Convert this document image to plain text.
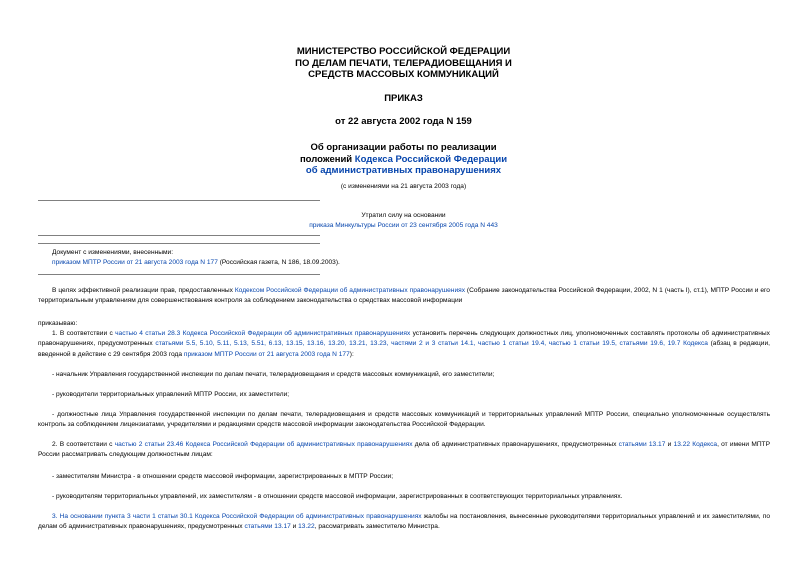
МИНИСТЕРСТВО РОССИЙСКОЙ ФЕДЕРАЦИИ
ПО ДЕЛАМ ПЕЧАТИ, ТЕЛЕРАДИОВЕЩАНИЯ И
СРЕДСТВ МАССОВЫХ КОММУНИКАЦИЙ
ПРИКАЗ
от 22 августа 2002 года N 159
Об организации работы по реализации
положений Кодекса Российской Федерации
об административных правонарушениях
(с изменениями на 21 августа 2003 года)
Утратил силу на основании
приказа Минкультуры России от 23 сентября 2005 года N 443
Документ с изменениями, внесенными:
приказом МПТР России от 21 августа 2003 года N 177 (Российская газета, N 186, 18.09.2003).
В целях эффективной реализации прав, предоставленных Кодексом Российской Федерации об административных правонарушениях (Собрание законодательства Российской Федерации, 2002, N 1 (часть I), ст.1), МПТР России и его территориальным управлениям для совершенствования контроля за соблюдением законодательства о средствах массовой информации
приказываю:
1. В соответствии с частью 4 статьи 28.3 Кодекса Российской Федерации об административных правонарушениях установить перечень следующих должностных лиц, уполномоченных составлять протоколы об административных правонарушениях, предусмотренных статьями 5.5, 5.10, 5.11, 5.13, 5.51, 6.13, 13.15, 13.16, 13.20, 13.21, 13.23, частями 2 и 3 статьи 14.1, частью 1 статьи 19.4, частью 1 статьи 19.5, статьями 19.6, 19.7 Кодекса (абзац в редакции, введенной в действие с 29 сентября 2003 года приказом МПТР России от 21 августа 2003 года N 177):
- начальник Управления государственной инспекции по делам печати, телерадиовещания и средств массовых коммуникаций, его заместители;
- руководители территориальных управлений МПТР России, их заместители;
- должностные лица Управления государственной инспекции по делам печати, телерадиовещания и средств массовых коммуникаций и территориальных управлений МПТР России, специально уполномоченные осуществлять контроль за соблюдением лицензиатами, учредителями и редакциями средств массовой информации законодательства Российской Федерации.
2. В соответствии с частью 2 статьи 23.46 Кодекса Российской Федерации об административных правонарушениях дела об административных правонарушениях, предусмотренных статьями 13.17 и 13.22 Кодекса, от имени МПТР России рассматривать следующим должностным лицам:
- заместителям Министра - в отношении средств массовой информации, зарегистрированных в МПТР России;
- руководителям территориальных управлений, их заместителям - в отношении средств массовой информации, зарегистрированных в соответствующих территориальных управлениях.
3. На основании пункта 3 части 1 статьи 30.1 Кодекса Российской Федерации об административных правонарушениях жалобы на постановления, вынесенные руководителями территориальных управлений и их заместителями, по делам об административных правонарушениях, предусмотренных статьями 13.17 и 13.22, рассматривать заместителю Министра.
